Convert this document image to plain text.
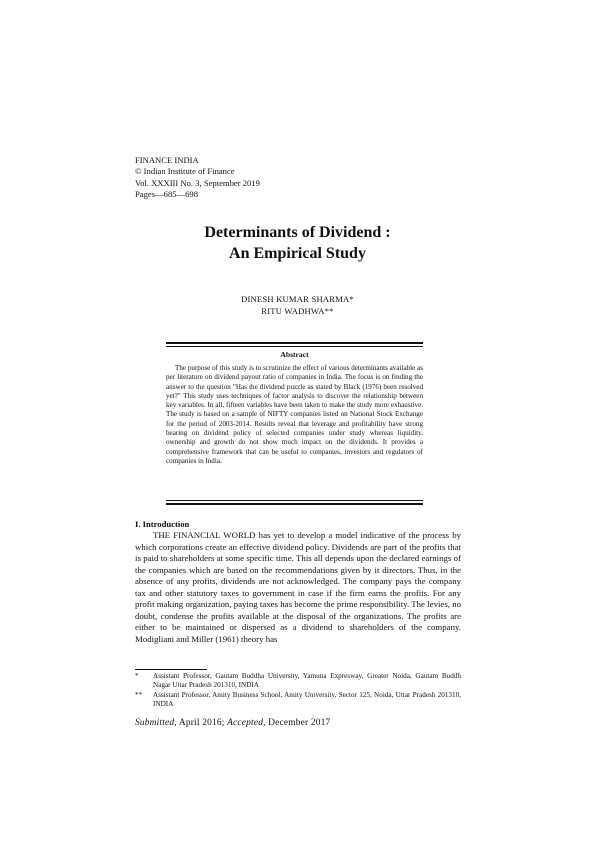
FINANCE INDIA
© Indian Institute of Finance
Vol. XXXIII No. 3, September 2019
Pages—685—698
Determinants of Dividend :
An Empirical Study
DINESH KUMAR SHARMA*
RITU WADHWA**
Abstract
The purpose of this study is to scrutinize the effect of various determinants available as per literature on dividend payout ratio of companies in India. The focus is on finding the answer to the question "Has the dividend puzzle as stated by Black (1976) been resolved yet?" This study uses techniques of factor analysis to discover the relationship between key variables. In all, fifteen variables have been taken to make the study more exhaustive. The study is based on a sample of NIFTY companies listed on National Stock Exchange for the period of 2003-2014. Results reveal that leverage and profitability have strong bearing on dividend policy of selected companies under study whereas liquidity, ownership and growth do not show much impact on the dividends. It provides a comprehensive framework that can be useful to companies, investors and regulators of companies in India.
I. Introduction
THE FINANCIAL WORLD has yet to develop a model indicative of the process by which corporations create an effective dividend policy. Dividends are part of the profits that is paid to shareholders at some specific time. This all depends upon the declared earnings of the companies which are based on the recommendations given by it directors. Thus, in the absence of any profits, dividends are not acknowledged. The company pays the company tax and other statutory taxes to government in case if the firm earns the profits. For any profit making organization, paying taxes has become the prime responsibility. The levies, no doubt, condense the profits available at the disposal of the organizations. The profits are either to be maintained or dispersed as a dividend to shareholders of the company. Modigliani and Miller (1961) theory has
*	Assistant Professor, Gautam Buddha University, Yamuna Expresway, Greater Noida, Gautam Buddh Nagar Uttar Pradesh 201310, INDIA
**	Assistant Professor, Amity Business School, Amity University, Sector 125, Noida, Uttar Pradesh 201310, INDIA
Submitted, April 2016; Accepted, December 2017
